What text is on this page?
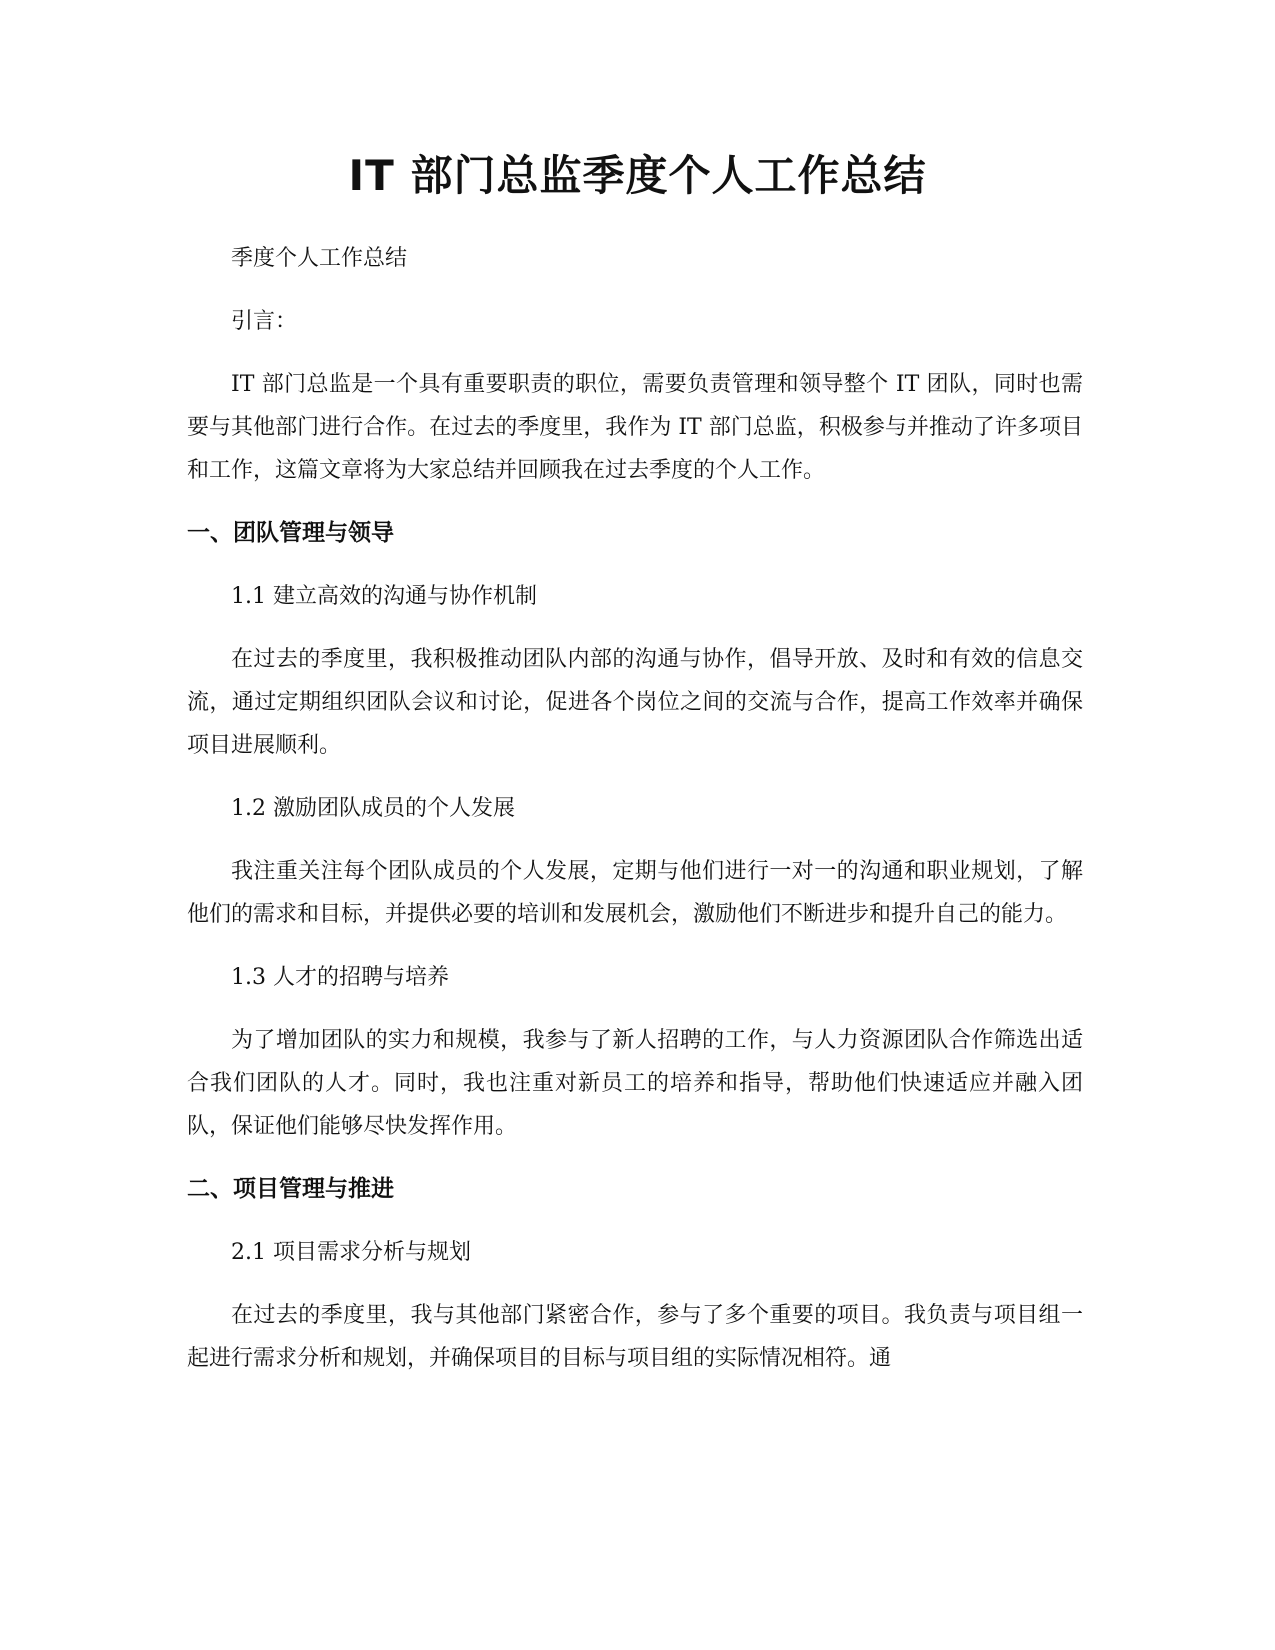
IT 部门总监季度个人工作总结

季度个人工作总结

引言：

IT 部门总监是一个具有重要职责的职位，需要负责管理和领导整个 IT 团队，同时也需要与其他部门进行合作。在过去的季度里，我作为 IT 部门总监，积极参与并推动了许多项目和工作，这篇文章将为大家总结并回顾我在过去季度的个人工作。

一、团队管理与领导

1.1 建立高效的沟通与协作机制

在过去的季度里，我积极推动团队内部的沟通与协作，倡导开放、及时和有效的信息交流，通过定期组织团队会议和讨论，促进各个岗位之间的交流与合作，提高工作效率并确保项目进展顺利。

1.2 激励团队成员的个人发展

我注重关注每个团队成员的个人发展，定期与他们进行一对一的沟通和职业规划，了解他们的需求和目标，并提供必要的培训和发展机会，激励他们不断进步和提升自己的能力。

1.3 人才的招聘与培养

为了增加团队的实力和规模，我参与了新人招聘的工作，与人力资源团队合作筛选出适合我们团队的人才。同时，我也注重对新员工的培养和指导，帮助他们快速适应并融入团队，保证他们能够尽快发挥作用。

二、项目管理与推进

2.1 项目需求分析与规划

在过去的季度里，我与其他部门紧密合作，参与了多个重要的项目。我负责与项目组一起进行需求分析和规划，并确保项目的目标与项目组的实际情况相符。通
